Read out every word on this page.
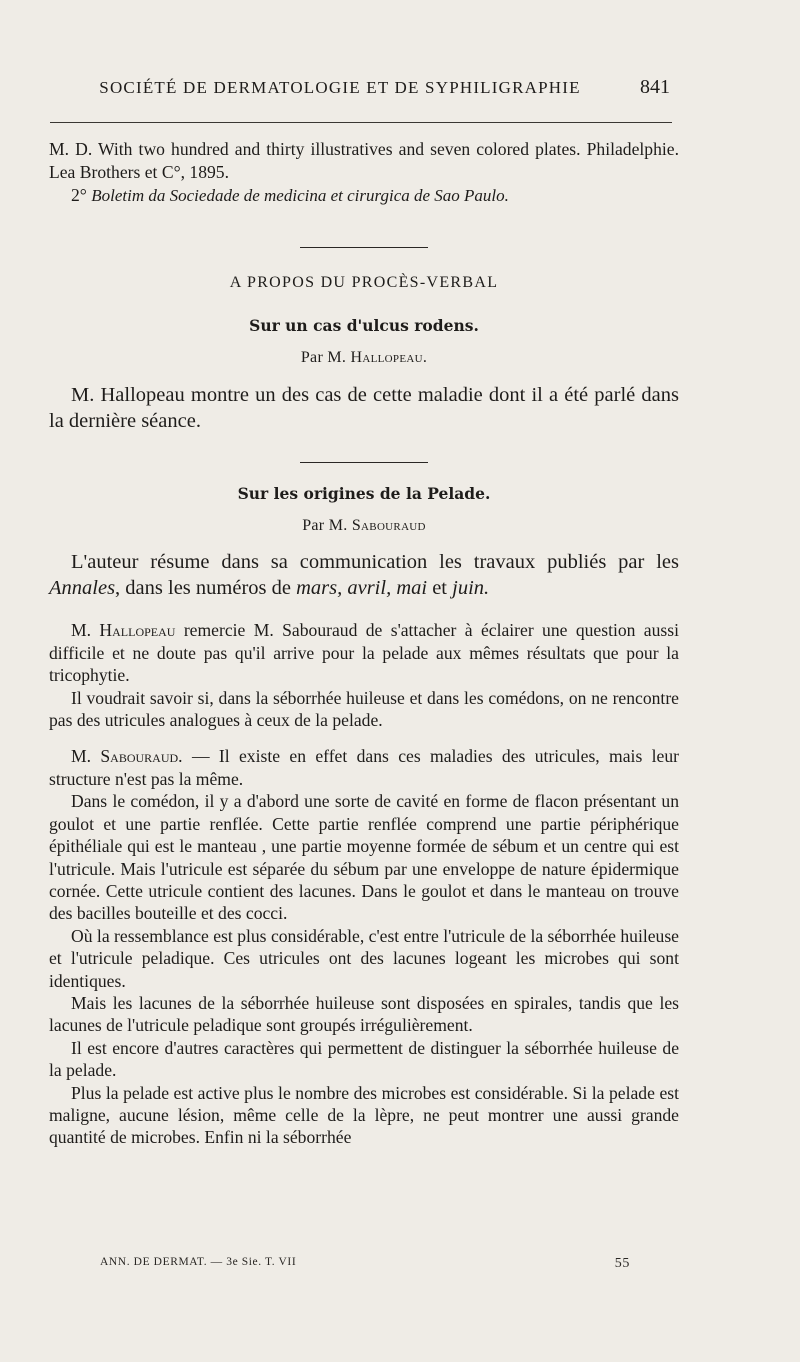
SOCIÉTÉ DE DERMATOLOGIE ET DE SYPHILIGRAPHIE	841

M. D. With two hundred and thirty illustratives and seven colored plates. Philadelphie. Lea Brothers et C°, 1895.

2° Boletim da Sociedade de medicina et cirurgica de Sao Paulo.

A PROPOS DU PROCÈS-VERBAL
Sur un cas d'ulcus rodens.
Par M. Hallopeau.

M. Hallopeau montre un des cas de cette maladie dont il a été parlé dans la dernière séance.

Sur les origines de la Pelade.
Par M. Sabouraud

L'auteur résume dans sa communication les travaux publiés par les Annales, dans les numéros de mars, avril, mai et juin.

M. Hallopeau remercie M. Sabouraud de s'attacher à éclairer une question aussi difficile et ne doute pas qu'il arrive pour la pelade aux mêmes résultats que pour la tricophytie.

Il voudrait savoir si, dans la séborrhée huileuse et dans les comédons, on ne rencontre pas des utricules analogues à ceux de la pelade.

M. Sabouraud. — Il existe en effet dans ces maladies des utricules, mais leur structure n'est pas la même.

Dans le comédon, il y a d'abord une sorte de cavité en forme de flacon présentant un goulot et une partie renflée. Cette partie renflée comprend une partie périphérique épithéliale qui est le manteau , une partie moyenne formée de sébum et un centre qui est l'utricule. Mais l'utricule est séparée du sébum par une enveloppe de nature épidermique cornée. Cette utricule contient des lacunes. Dans le goulot et dans le manteau on trouve des bacilles bouteille et des cocci.

Où la ressemblance est plus considérable, c'est entre l'utricule de la séborrhée huileuse et l'utricule peladique. Ces utricules ont des lacunes logeant les microbes qui sont identiques.

Mais les lacunes de la séborrhée huileuse sont disposées en spirales, tandis que les lacunes de l'utricule peladique sont groupés irrégulièrement.

Il est encore d'autres caractères qui permettent de distinguer la séborrhée huileuse de la pelade.

Plus la pelade est active plus le nombre des microbes est considérable. Si la pelade est maligne, aucune lésion, même celle de la lèpre, ne peut montrer une aussi grande quantité de microbes. Enfin ni la séborrhée

ANN. DE DERMAT. — 3e Sie. T. VII	55
